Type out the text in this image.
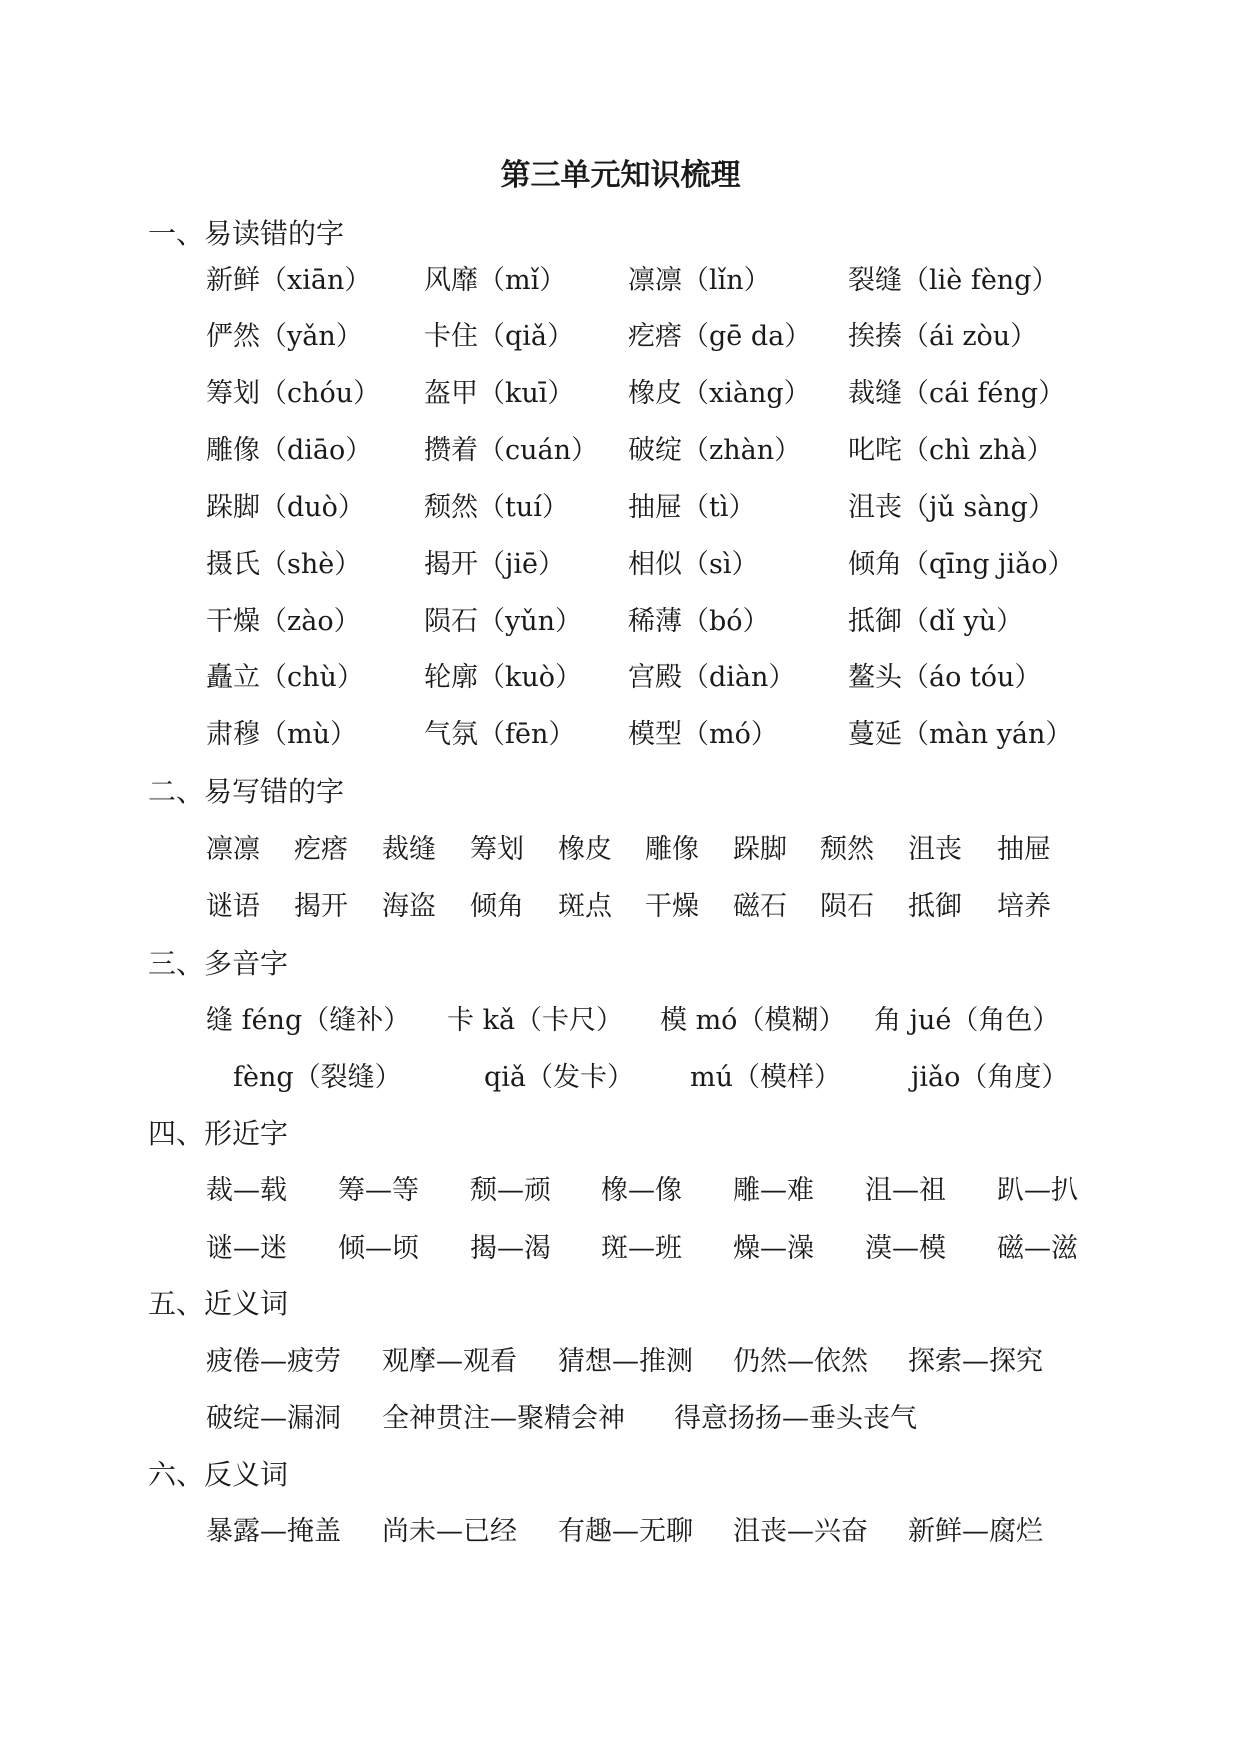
第三单元知识梳理
一、易读错的字
新鲜（xiān） 风靡（mǐ） 凛凛（lǐn）	裂缝（liè fèng）
俨然（yǎn） 卡住（qiǎ） 疙瘩（gē da） 挨揍（ái zòu）
筹划（chóu） 盔甲（kuī） 橡皮（xiàng） 裁缝（cái féng）
雕像（diāo） 攒着（cuán） 破绽（zhàn） 叱咤（chì zhà）
跺脚（duò） 颓然（tuí） 抽屉（tì）	沮丧（jǔ sàng）
摄氏（shè） 揭开（jiē） 相似（sì）	倾角（qīng jiǎo）
干燥（zào） 陨石（yǔn） 稀薄（bó）	抵御（dǐ yù）
矗立（chù） 轮廓（kuò） 宫殿（diàn） 鳌头（áo tóu）
肃穆（mù） 气氛（fēn） 模型（mó）	蔓延（màn yán）
二、易写错的字
凛凛 疙瘩 裁缝 筹划 橡皮 雕像 跺脚 颓然 沮丧 抽屉
谜语 揭开 海盗 倾角 斑点 干燥 磁石 陨石 抵御 培养
三、多音字
缝 féng（缝补） 卡 kǎ（卡尺） 模 mó（模糊） 角 jué（角色）
fèng（裂缝）	qiǎ（发卡） mú（模样）	jiǎo（角度）
四、形近字
裁—载 筹—等 颓—顽 橡—像 雕—难 沮—祖 趴—扒
谜—迷 倾—顷 揭—渴 斑—班 燥—澡 漠—模 磁—滋
五、近义词
疲倦—疲劳 观摩—观看 猜想—推测 仍然—依然 探索—探究
破绽—漏洞 全神贯注—聚精会神 得意扬扬—垂头丧气
六、反义词
暴露—掩盖 尚未—已经 有趣—无聊 沮丧—兴奋 新鲜—腐烂
